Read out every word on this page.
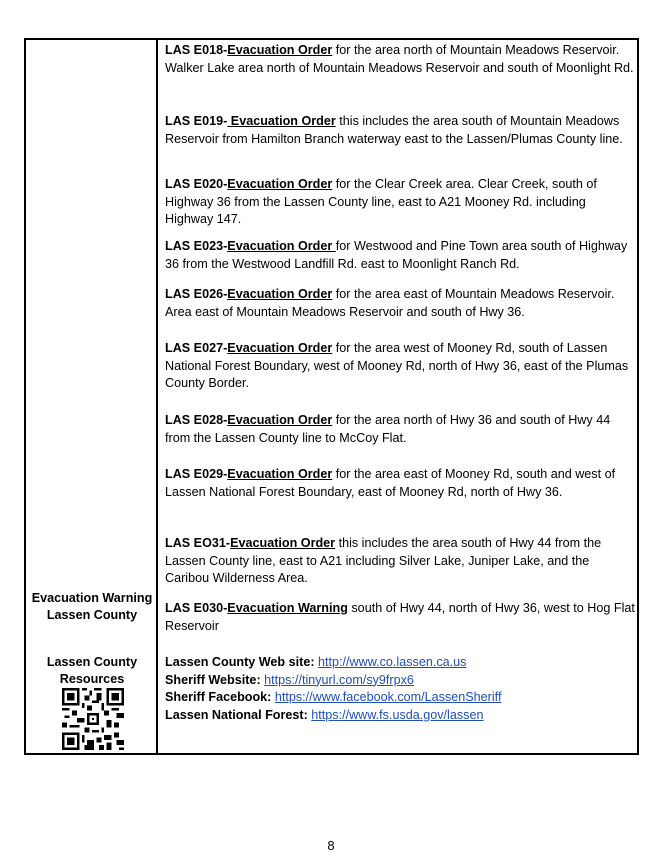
Evacuation Warning Lassen County
Lassen County Resources
LAS E018-Evacuation Order for the area north of Mountain Meadows Reservoir. Walker Lake area north of Mountain Meadows Reservoir and south of Moonlight Rd.
LAS E019- Evacuation Order this includes the area south of Mountain Meadows Reservoir from Hamilton Branch waterway east to the Lassen/Plumas County line.
LAS E020-Evacuation Order for the Clear Creek area. Clear Creek, south of Highway 36 from the Lassen County line, east to A21 Mooney Rd. including Highway 147.
LAS E023-Evacuation Order for Westwood and Pine Town area south of Highway 36 from the Westwood Landfill Rd. east to Moonlight Ranch Rd.
LAS E026-Evacuation Order for the area east of Mountain Meadows Reservoir. Area east of Mountain Meadows Reservoir and south of Hwy 36.
LAS E027-Evacuation Order for the area west of Mooney Rd, south of Lassen National Forest Boundary, west of Mooney Rd, north of Hwy 36, east of the Plumas County Border.
LAS E028-Evacuation Order for the area north of Hwy 36 and south of Hwy 44 from the Lassen County line to McCoy Flat.
LAS E029-Evacuation Order for the area east of Mooney Rd, south and west of Lassen National Forest Boundary, east of Mooney Rd, north of Hwy 36.
LAS EO31-Evacuation Order this includes the area south of Hwy 44 from the Lassen County line, east to A21 including Silver Lake, Juniper Lake, and the Caribou Wilderness Area.
LAS E030-Evacuation Warning south of Hwy 44, north of Hwy 36, west to Hog Flat Reservoir
Lassen County Web site: http://www.co.lassen.ca.us
Sheriff Website: https://tinyurl.com/sy9frpx6
Sheriff Facebook: https://www.facebook.com/LassenSheriff
Lassen National Forest: https://www.fs.usda.gov/lassen
8
